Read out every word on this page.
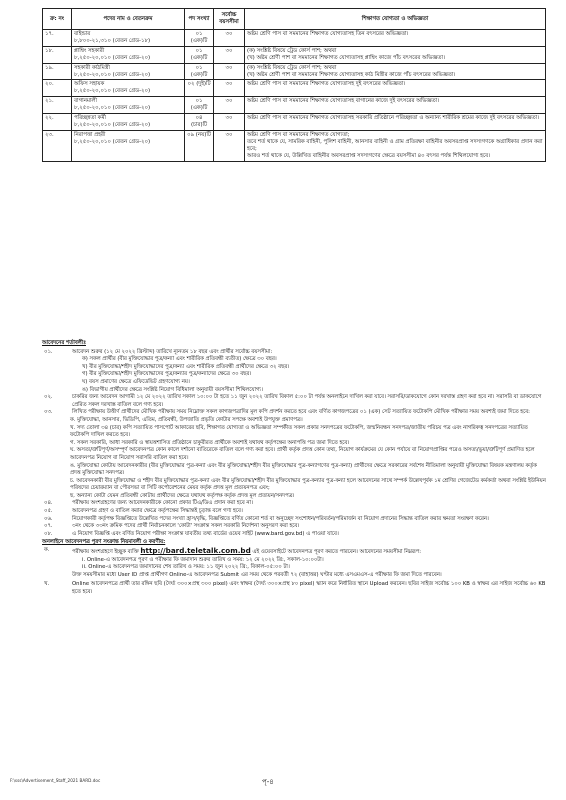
ক্র: নং	পদের নাম ও বেতনক্রম	পদ সংখ্যা	সর্বোচ্চ বয়সসীমা	শিক্ষাগত যোগ্যতা ও অভিজ্ঞতা
১৭.	বাইন্ডার
৮,৮০০-২১,৩১০ (বেতন গ্রেড-১৮)	০১ (এক)টি	৩০	অষ্টম শ্রেণি পাস বা সমমানের শিক্ষাগত যোগ্যতাসহ তিন বৎসরের অভিজ্ঞতা।

১৮.	প্লাম্বিং সহকারী
৮,২৫০-২০,০১০ (বেতন গ্রেড-২০)	০১ (এক)টি	৩০	(ক) সংশ্লিষ্ট বিষয়ে ট্রেড কোর্স পাশ; অথবা
(খ) অষ্টম শ্রেণী পাশ বা সমমানের শিক্ষাগত যোগ্যতাসহ প্লাম্বিং কাজে পাঁচ বৎসরের অভিজ্ঞতা।

১৯.	সহকারী কাঠমিস্ত্রী
৮,২৫০-২০,০১০ (বেতন গ্রেড-২০)	০১ (এক)টি	৩০	(ক) সংশ্লিষ্ট বিষয়ে ট্রেড কোর্স পাশ; অথবা
(খ) অষ্টম শ্রেণী পাশ বা সমমানের শিক্ষাগত যোগ্যতাসহ কাঠ মিস্ত্রীর কাজে পাঁচ বৎসরের অভিজ্ঞতা।

২০.	অফিস সহায়ক
৮,২৫০-২০,০১০ (বেতন গ্রেড-২০)	০২ (দুই)টি	৩০	অষ্টম শ্রেণি পাস বা সমমানের শিক্ষাগত যোগ্যতাসহ দুই বৎসরের অভিজ্ঞতা।

২১.	বাগানমালী
৮,২৫০-২০,০১০ (বেতন গ্রেড-২০)	০১ (এক)টি	৩০	অষ্টম শ্রেণি পাস বা সমমানের শিক্ষাগত যোগ্যতাসহ বাগানের কাজে দুই বৎসরের অভিজ্ঞতা।

২২.	পরিচ্ছন্নতা কর্মী
৮,২৫০-২০,০১০ (বেতন গ্রেড-২০)	০৪ (চার)টি	৩০	অষ্টম শ্রেণি পাস বা সমমানের শিক্ষাগত যোগ্যতাসহ সরকারি প্রতিষ্ঠানে পরিচ্ছন্নতা ও অন্যান্য শারীরিক শ্রমের কাজে দুই বৎসরের অভিজ্ঞতা।

২৩.	নিরাপত্তা প্রহরী
৮,২৫০-২০,০১০ (বেতন গ্রেড-২০)	০৯ (নয়)টি	৩০	অষ্টম শ্রেণি পাস বা সমমানের শিক্ষাগত যোগ্যতা;
তবে শর্ত থাকে যে, সামরিক বাহিনী, পুলিশ বাহিনী, আনসার বাহিনী ও গ্রাম প্রতিরক্ষা বাহিনীর অবসরপ্রাপ্ত সদস্যগণকে অগ্রাধিকার প্রদান করা হবে;
আরও শর্ত থাকে যে, উল্লিখিত বাহিনীর অবসরপ্রাপ্ত সদস্যগণের ক্ষেত্রে বয়সসীমা ৪০ বৎসর পর্যন্ত শিথিলযোগ্য হবে।
আবেদনের শর্তাবলীঃ
০১.	আবেদন শুরুর (১২ মে ২০২২ খ্রিস্টাব্দ) তারিখে ন্যূনতম ১৮ বছর এবং প্রার্থীর সর্বোচ্চ বয়সসীমা:
ক) সকল প্রার্থীর (বীর মুক্তিযোদ্ধার পুত্র/কন্যা এবং শারীরিক প্রতিবন্ধী ব্যতীত) ক্ষেত্রে ৩০ বছর।
খ) বীর মুক্তিযোদ্ধা/শহীদ মুক্তিযোদ্ধাদের পুত্র/কন্যা এবং শারীরিক প্রতিবন্ধী প্রার্থীদের ক্ষেত্রে ৩২ বছর।
গ) বীর মুক্তিযোদ্ধা/শহীদ মুক্তিযোদ্ধাদের পুত্র/কন্যার পুত্র/কন্যাদের ক্ষেত্রে ৩০ বছর।
ঘ) বয়স প্রমাণের ক্ষেত্রে এফিডেভিট গ্রহণযোগ্য নয়।
ঙ) বিভাগীয় প্রার্থীদের ক্ষেত্রে সংশ্লিষ্ট নিয়োগ বিধিমালা অনুযায়ী বয়সসীমা শিথিলযোগ্য।
০২.	চাকরির জন্য আবেদন আগামী ১২ মে ২০২২ তারিখ সকাল ১০:০০ টা হতে ১১ জুন ২০২২ তারিখ বিকাল ৫:০০ টা পর্যন্ত অনলাইনে দাখিল করা যাবে। সরাসরি/ডাকযোগে কোন দরখাস্ত গ্রহণ করা হবে না। সরাসরি বা ডাকযোগে প্রেরিত সকল দরখাস্ত বাতিল বলে গণ্য হবে।
০৩.	লিখিত পরীক্ষায় উত্তীর্ণ প্রার্থীদের মৌখিক পরীক্ষায় সময় নিম্নোক্ত সকল কাগজপত্রাদির মূল কপি প্রদর্শন করতে হবে এবং বর্ণিত কাগজপত্রের ০১ (এক) সেট সত্যায়িত ফটোকপি মৌখিক পরীক্ষার সময় অবশ্যই জমা দিতে হবে:
ক. মুক্তিযোদ্ধা, আনসার, ভিডিপি, এতিম, প্রতিবন্ধী, উপজাতি প্রভৃতি কোটার সপক্ষে অবশ্যই উপযুক্ত প্রমাণপত্র।
খ. সদ্য তোলা ৩৪ (চার) কপি সত্যায়িত পাসপোর্ট আকারের ছবি, শিক্ষাগত যোগ্যতা ও অভিজ্ঞতা সম্পর্কীত সকল প্রকার সনদপত্রের ফটোকপি, জন্মনিবন্ধন সনদপত্র/জাতীয় পরিচয় পত্র এবং নাগরিকত্ব সনদপত্রের সত্যায়িত ফটোকপি দাখিল করতে হবে।
গ. সকল সরকারি, আধা সরকারি ও স্বায়ত্তশাসিত প্রতিষ্ঠানে চাকুরীরত প্রার্থীকে অবশ্যই যথাযথ কর্তৃপক্ষের অনাপত্তি পত্র জমা দিতে হবে।
ঘ. অসত্য/ত্রুটিপূর্ণ/অসম্পূর্ণ আবেদনপত্র কোন কালে দর্শানো ব্যতিরেকে বাতিল বলে গণ্য করা হবে। প্রার্থী কর্তৃক প্রদত্ত কোন তথ্য, নিয়োগ কার্যক্রমের যে কোন পর্যায়ে বা নিয়োগপ্রাপ্তির পরেও অসত্য/ভুয়া/ত্রুটিপূর্ণ প্রমাণিত হলে আবেদনপত্র নিয়োগ বা নিয়োগ সরাসরি বাতিল করা হবে।
ঙ. মুক্তিযোদ্ধা কোটায় আবেদনকারীর (বীর মুক্তিযোদ্ধার পুত্র-কন্যা এবং বীর মুক্তিযোদ্ধা/শহীদ বীর মুক্তিযোদ্ধার পুত্র-কন্যাগণের পুত্র-কন্যা) প্রার্থীদের ক্ষেত্রে সরকারের সর্বশেষ নীতিমালা অনুযায়ী মুক্তিযোদ্ধা বিষয়ক মন্ত্রণালয় কর্তৃক প্রদত্ত মুক্তিযোদ্ধা সনদপত্র।
চ. আবেদনকারী বীর মুক্তিযোদ্ধা ও শহীদ বীর মুক্তিযোদ্ধার পুত্র-কন্যা এবং বীর মুক্তিযোদ্ধা/শহীদ বীর মুক্তিযোদ্ধার পুত্র-কন্যার পুত্র-কন্যা হলে আবেদনের সাথে সম্পর্ক উল্লেখপূর্বক ১ম শ্রেণির গেজেটেড কর্মকর্তা অথবা সংশ্লিষ্ট ইউনিয়ন পরিষদের চেয়ারম্যান বা পৌরসভা বা সিটি কর্পোরেশনের মেয়র কর্তৃক প্রদত্ত মূল প্রত্যয়নপত্র এবং;
ছ. অন্যান্য কোটা যেমন প্রতিবন্ধী কোটায় প্রার্থীদের ক্ষেত্রে যথাযথ কর্তৃপক্ষ কর্তৃক প্রদত্ত মূল প্রত্যয়ন/সনদপত্র।
০৪.	পরীক্ষায় অংশগ্রহণের জন্য আবেদনকারীকে কোনো প্রকার টিএ/ডিএ প্রদান করা হবে না।
০৫.	আবেদনপত্র গ্রহণ ও বাতিল করার ক্ষেত্রে কর্তৃপক্ষের সিদ্ধান্তই চূড়ান্ত বলে গণ্য হবে।
০৬.	নিয়োগকারী কর্তৃপক্ষ বিজ্ঞপ্তিতে উল্লেখিত পদের সংখ্যা হ্রাস/বৃদ্ধি, বিজ্ঞপ্তিতে বর্ণিত কোনো শর্ত বা অনুচ্ছেদ সংশোধন/পরিবর্তন/পরিমার্জন বা নিয়োগ প্রদানের সিদ্ধান্ত বাতিল করার ক্ষমতা সংরক্ষণ করেন।
০৭.	৩নং থেকে ৩৩নং ক্রমিক পদের প্রার্থী নির্বাচনকালে 'কোটা' সংক্রান্ত সকল সরকারি নির্দেশনা অনুসরণ করা হবে।
০৮.	এ নিয়োগ বিজ্ঞপ্তি এবং বর্ণিত নিয়োগ পরীক্ষা সংক্রান্ত যাবতীয় তথ্য বার্ডের ওয়েব সাইট (www.bard.gov.bd) এ পাওয়া যাবে।
অনলাইনে আবেদনপত্র পূরণ সংক্রান্ত নিয়মাবলী ও করণীয়:
ক.	পরীক্ষায় অংশগ্রহণে ইচ্ছুক ব্যক্তি http://bard.teletalk.com.bd এই ওয়েবসাইটে আবেদনপত্র পূরণ করতে পারবেন। আবেদনের সময়সীমা নিম্নরূপ:
i. Online-এ আবেদনপত্র পূরণ ও পরীক্ষার ফি জমাদান শুরুর তারিখ ও সময়: ১২ মে ২০২২ খ্রি:, সকাল-১০:০০টা।
ii. Online-এ আবেদনপত্র জমাদানের শেষ তারিখ ও সময়: ১১ জুন ২০২২ খ্রি:, বিকাল-০৫:০০ টা।
উক্ত সময়সীমার মধ্যে User ID প্রাপ্ত প্রার্থীগণ Online-এ আবেদনপত্র Submit এর সময় থেকে পরবর্তী ৭২ (বাহাত্তর) ঘণ্টার মধ্যে এসএমএস-এ পরীক্ষার ফি জমা দিতে পারবেন।
খ.	Online আবেদনপত্রে প্রার্থী তার রঙ্গিন ছবি (দৈর্ঘ্য ৩০০×প্রস্থ ৩০০ pixel) এবং স্বাক্ষর (দৈর্ঘ্য ৩০০×প্রস্থ ৮০ pixel) স্ক্যান করে নির্ধারিত স্থানে Upload করবেন। ছবির সাইজ সর্বোচ্চ ১০০ KB ও স্বাক্ষর এর সাইজ সর্বোচ্চ ৬০ KB হতে হবে।
F:\sss\Advertisement_Staff_2021 BARD.doc	পৃ-৪
